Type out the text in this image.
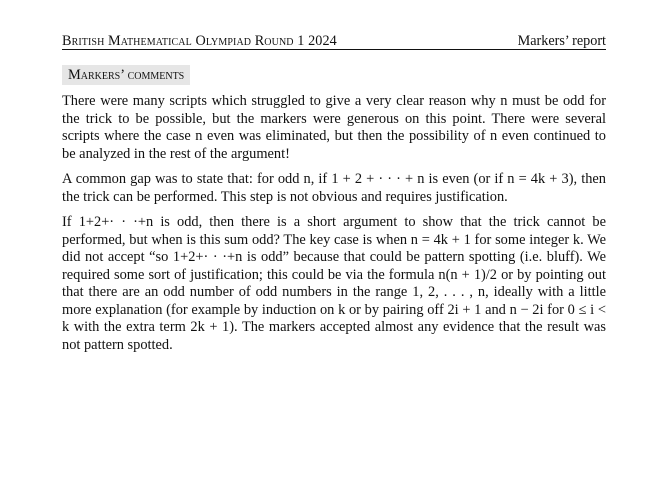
British Mathematical Olympiad Round 1 2024	Markers’ report
Markers’ comments

There were many scripts which struggled to give a very clear reason why n must be odd for the trick to be possible, but the markers were generous on this point. There were several scripts where the case n even was eliminated, but then the possibility of n even continued to be analyzed in the rest of the argument!

A common gap was to state that: for odd n, if 1 + 2 + · · · + n is even (or if n = 4k + 3), then the trick can be performed. This step is not obvious and requires justification.

If 1+2+· · ·+n is odd, then there is a short argument to show that the trick cannot be performed, but when is this sum odd? The key case is when n = 4k + 1 for some integer k. We did not accept “so 1+2+· · ·+n is odd” because that could be pattern spotting (i.e. bluff). We required some sort of justification; this could be via the formula n(n + 1)/2 or by pointing out that there are an odd number of odd numbers in the range 1, 2, . . . , n, ideally with a little more explanation (for example by induction on k or by pairing off 2i + 1 and n − 2i for 0 ≤ i < k with the extra term 2k + 1). The markers accepted almost any evidence that the result was not pattern spotted.
